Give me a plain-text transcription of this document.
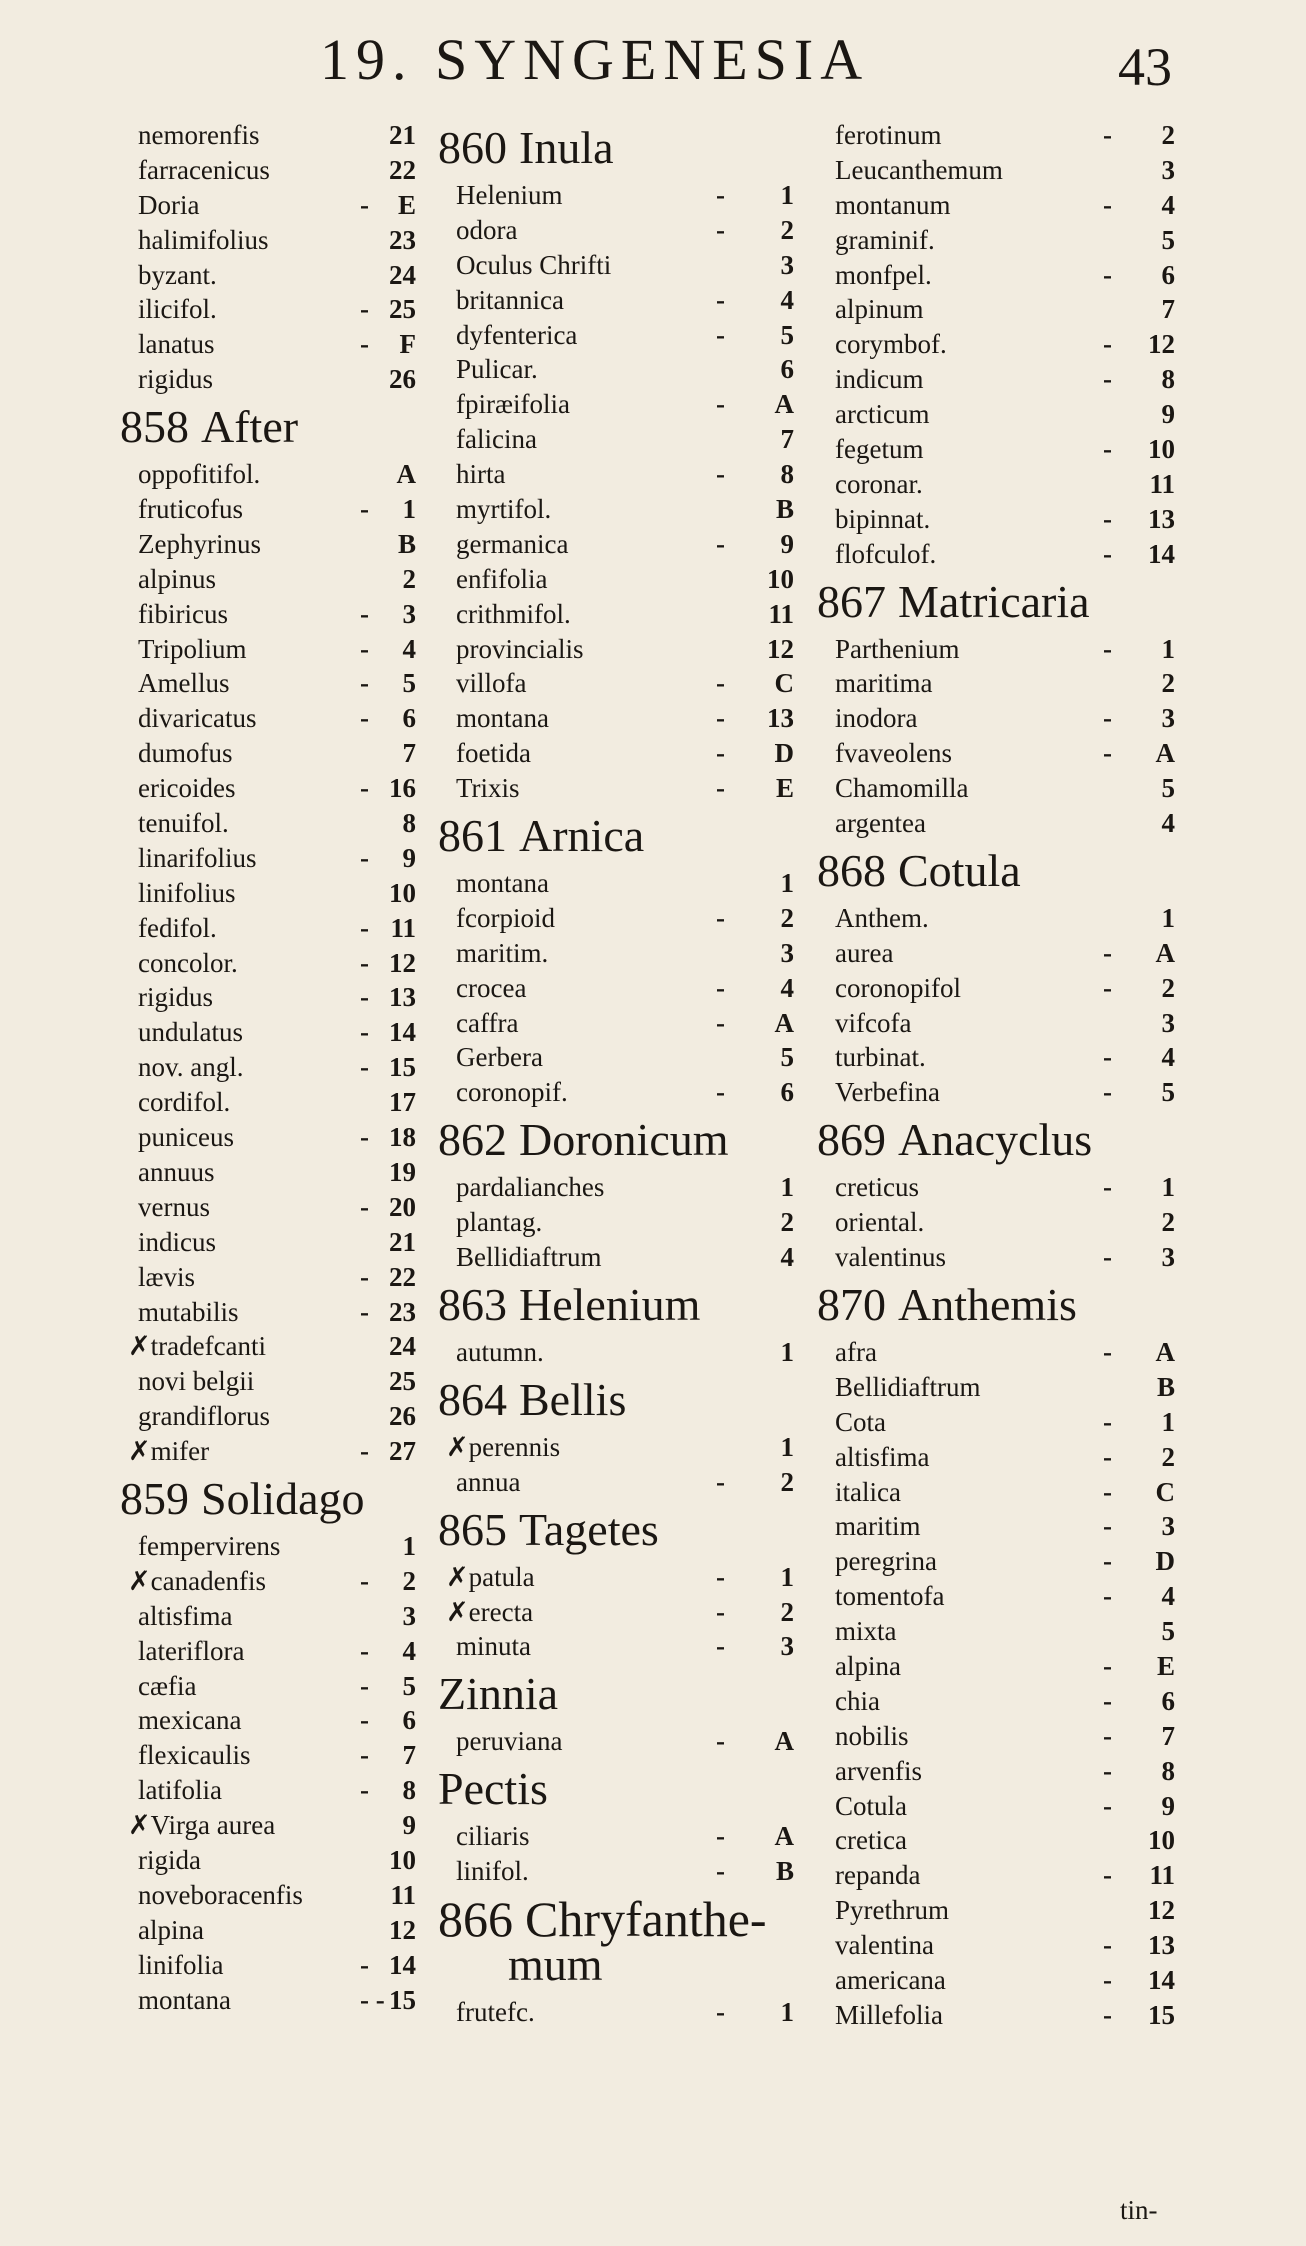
19. SYNGENESIA	43
nemorenfis	21
farracenicus	22
Doria	- E
halimifolius	23
byzant.	24
ilicifol.	- 25
lanatus	- F
rigidus	26
858 After
oppofitifol.	A
fruticofus	- 1
Zephyrinus	B
alpinus	2
fibiricus	- 3
Tripolium	- 4
Amellus	- 5
divaricatus	- 6
dumofus	7
ericoides	- 16
tenuifol.	8
linarifolius	- 9
linifolius	10
fedifol.	- 11
concolor.	- 12
rigidus	- 13
undulatus	- 14
nov. angl.	- 15
cordifol.	17
puniceus	- 18
annuus	19
vernus	- 20
indicus	21
lævis	- 22
mutabilis	- 23
✗tradefcanti	24
novi belgii	25
grandiflorus	26
✗mifer	- 27
859 Solidago
fempervirens	1
✗canadenfis	- 2
altisfima	3
lateriflora	- 4
cæfia	- 5
mexicana	- 6
flexicaulis	- 7
latifolia	- 8
✗Virga aurea	9
rigida	10
noveboracenfis	11
alpina	12
linifolia	- 14
montana	- - 15
860 Inula
Helenium	- 1
odora	- 2
Oculus Chrifti	3
britannica	- 4
dyfenterica	- 5
Pulicar.	6
fpiræifolia	- A
falicina	7
hirta	- 8
myrtifol.	B
germanica	- 9
enfifolia	10
crithmifol.	11
provincialis	12
villofa	- C
montana	- 13
foetida	- D
Trixis	- E
861 Arnica
montana	1
fcorpioid	- 2
maritim.	3
crocea	- 4
caffra	- A
Gerbera	5
coronopif.	- 6
862 Doronicum
pardalianches	1
plantag.	2
Bellidiaftrum	4
863 Helenium
autumn.	1
864 Bellis
✗perennis	1
annua	- 2
865 Tagetes
✗patula	- 1
✗erecta	- 2
minuta	- 3
Zinnia
peruviana	- A
Pectis
ciliaris	- A
linifol.	- B
866 Chryfanthe-
mum
frutefc.	- 1
ferotinum	- 2
Leucanthemum	3
montanum	- 4
graminif.	5
monfpel.	- 6
alpinum	7
corymbof.	- 12
indicum	- 8
arcticum	9
fegetum	- 10
coronar.	11
bipinnat.	- 13
flofculof.	- 14
867 Matricaria
Parthenium	- 1
maritima	2
inodora	- 3
fvaveolens	- A
Chamomilla	5
argentea	4
868 Cotula
Anthem.	1
aurea	- A
coronopifol	- 2
vifcofa	3
turbinat.	- 4
Verbefina	- 5
869 Anacyclus
creticus	- 1
oriental.	2
valentinus	- 3
870 Anthemis
afra	- A
Bellidiaftrum	B
Cota	- 1
altisfima	- 2
italica	- C
maritim	- 3
peregrina	- D
tomentofa	- 4
mixta	5
alpina	- E
chia	- 6
nobilis	- 7
arvenfis	- 8
Cotula	- 9
cretica	10
repanda	- 11
Pyrethrum	12
valentina	- 13
americana	- 14
Millefolia	- 15
tin-
